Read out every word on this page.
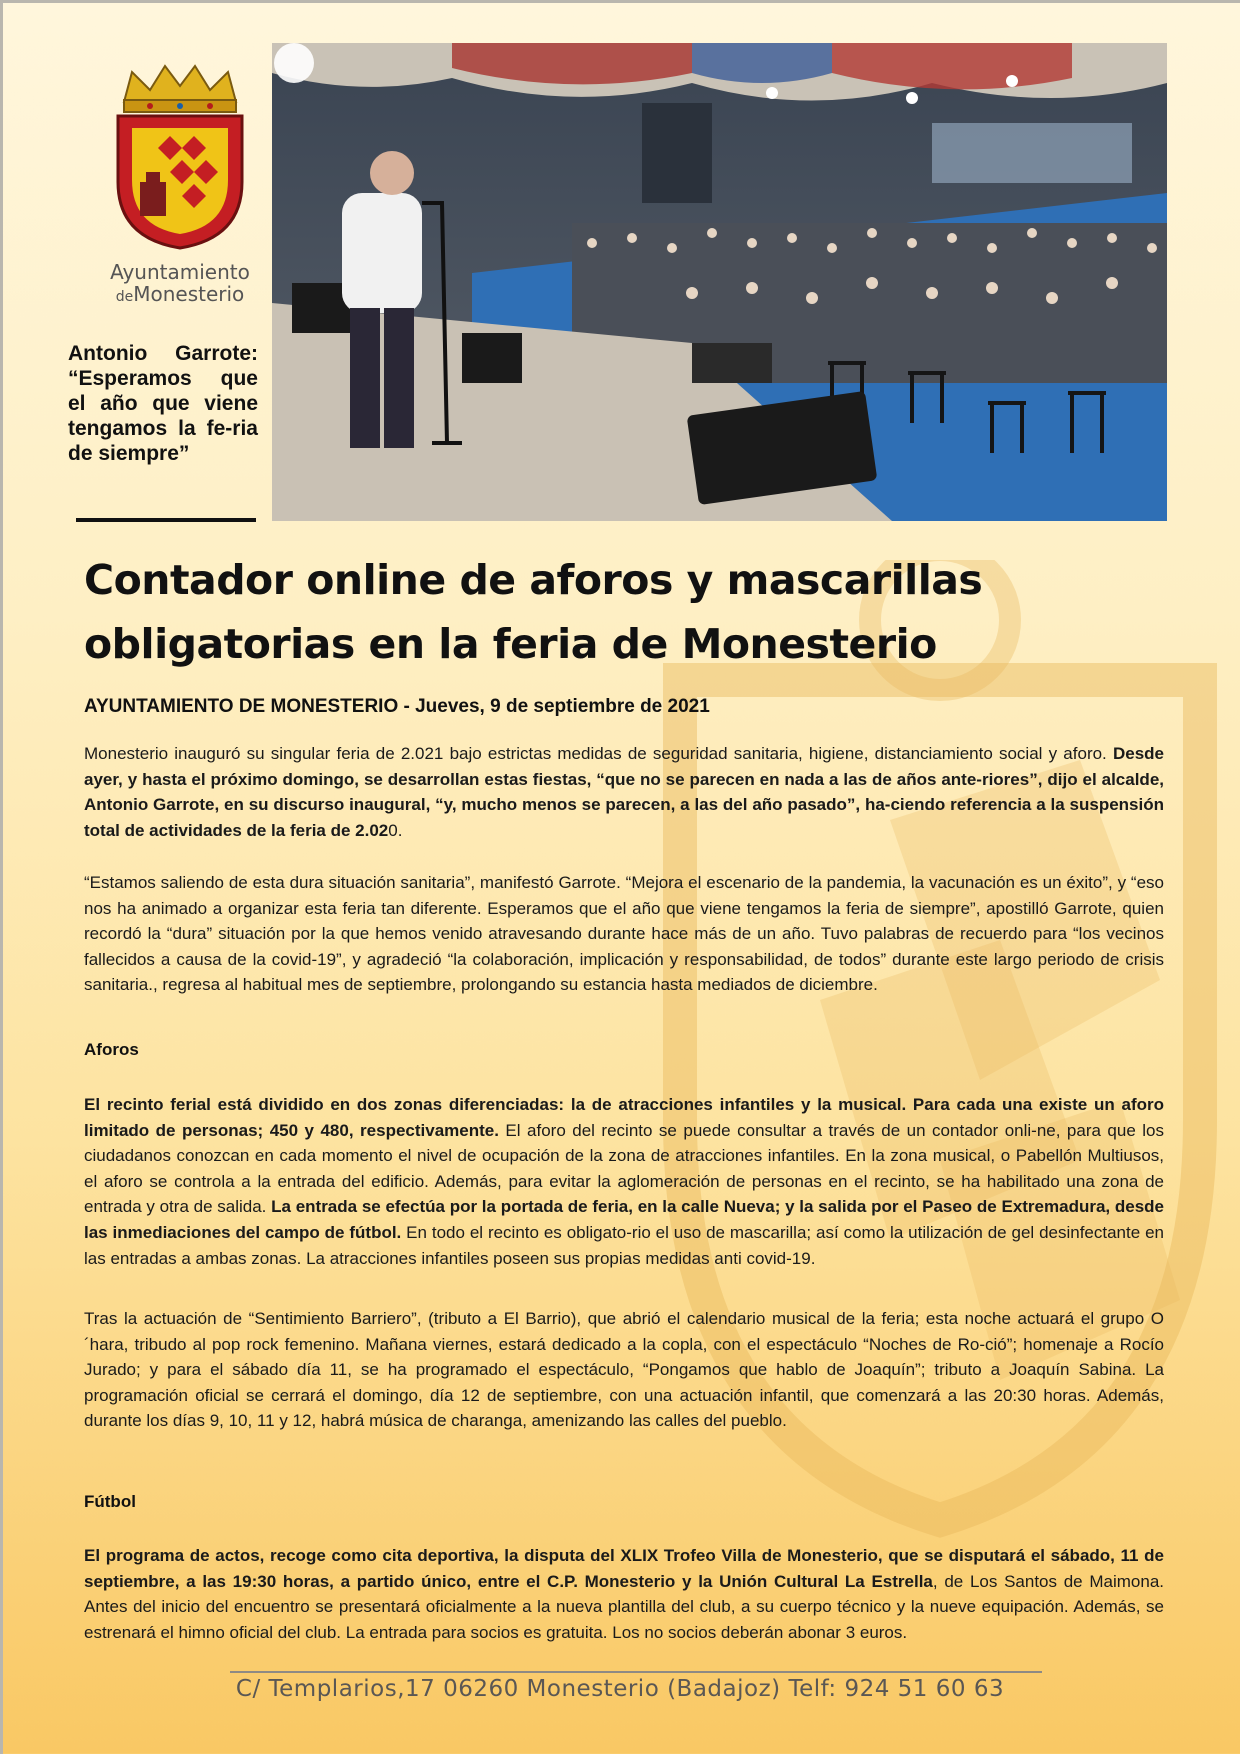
Ayuntamiento
deMonesterio
Antonio Garrote: “Esperamos que el año que viene tengamos la fe-ria de siempre”
Contador online de aforos y mascarillas obligatorias en la feria de Monesterio
AYUNTAMIENTO DE MONESTERIO - Jueves, 9 de septiembre de 2021

Monesterio inauguró su singular feria de 2.021 bajo estrictas medidas de seguridad sanitaria, higiene, distanciamiento social y aforo. Desde ayer, y hasta el próximo domingo, se desarrollan estas fiestas, “que no se parecen en nada a las de años ante-riores”, dijo el alcalde, Antonio Garrote, en su discurso inaugural, “y, mucho menos se parecen, a las del año pasado”, ha-ciendo referencia a la suspensión total de actividades de la feria de 2.020.

“Estamos saliendo de esta dura situación sanitaria”, manifestó Garrote. “Mejora el escenario de la pandemia, la vacunación es un éxito”, y “eso nos ha animado a organizar esta feria tan diferente. Esperamos que el año que viene tengamos la feria de siempre”, apostilló Garrote, quien recordó la “dura” situación por la que hemos venido atravesando durante hace más de un año. Tuvo palabras de recuerdo para “los vecinos fallecidos a causa de la covid-19”, y agradeció “la colaboración, implicación y responsabilidad, de todos” durante este largo periodo de crisis sanitaria., regresa al habitual mes de septiembre, prolongando su estancia hasta mediados de diciembre.

Aforos

El recinto ferial está dividido en dos zonas diferenciadas: la de atracciones infantiles y la musical. Para cada una existe un aforo limitado de personas; 450 y 480, respectivamente. El aforo del recinto se puede consultar a través de un contador onli-ne, para que los ciudadanos conozcan en cada momento el nivel de ocupación de la zona de atracciones infantiles. En la zona musical, o Pabellón Multiusos, el aforo se controla a la entrada del edificio. Además, para evitar la aglomeración de personas en el recinto, se ha habilitado una zona de entrada y otra de salida. La entrada se efectúa por la portada de feria, en la calle Nueva; y la salida por el Paseo de Extremadura, desde las inmediaciones del campo de fútbol. En todo el recinto es obligato-rio el uso de mascarilla; así como la utilización de gel desinfectante en las entradas a ambas zonas. La atracciones infantiles poseen sus propias medidas anti covid-19.

Tras la actuación de “Sentimiento Barriero”, (tributo a El Barrio), que abrió el calendario musical de la feria; esta noche actuará el grupo O´hara, tribudo al pop rock femenino. Mañana viernes, estará dedicado a la copla, con el espectáculo “Noches de Ro-ció”; homenaje a Rocío Jurado; y para el sábado día 11, se ha programado el espectáculo, “Pongamos que hablo de Joaquín”; tributo a Joaquín Sabina. La programación oficial se cerrará el domingo, día 12 de septiembre, con una actuación infantil, que comenzará a las 20:30 horas. Además, durante los días 9, 10, 11 y 12, habrá música de charanga, amenizando las calles del pueblo.

Fútbol

El programa de actos, recoge como cita deportiva, la disputa del XLIX Trofeo Villa de Monesterio, que se disputará el sábado, 11 de septiembre, a las 19:30 horas, a partido único, entre el C.P. Monesterio y la Unión Cultural La Estrella, de Los Santos de Maimona. Antes del inicio del encuentro se presentará oficialmente a la nueva plantilla del club, a su cuerpo técnico y la nueve equipación. Además, se estrenará el himno oficial del club. La entrada para socios es gratuita. Los no socios deberán abonar 3 euros.

C/ Templarios,17 06260 Monesterio (Badajoz) Telf: 924 51 60 63
